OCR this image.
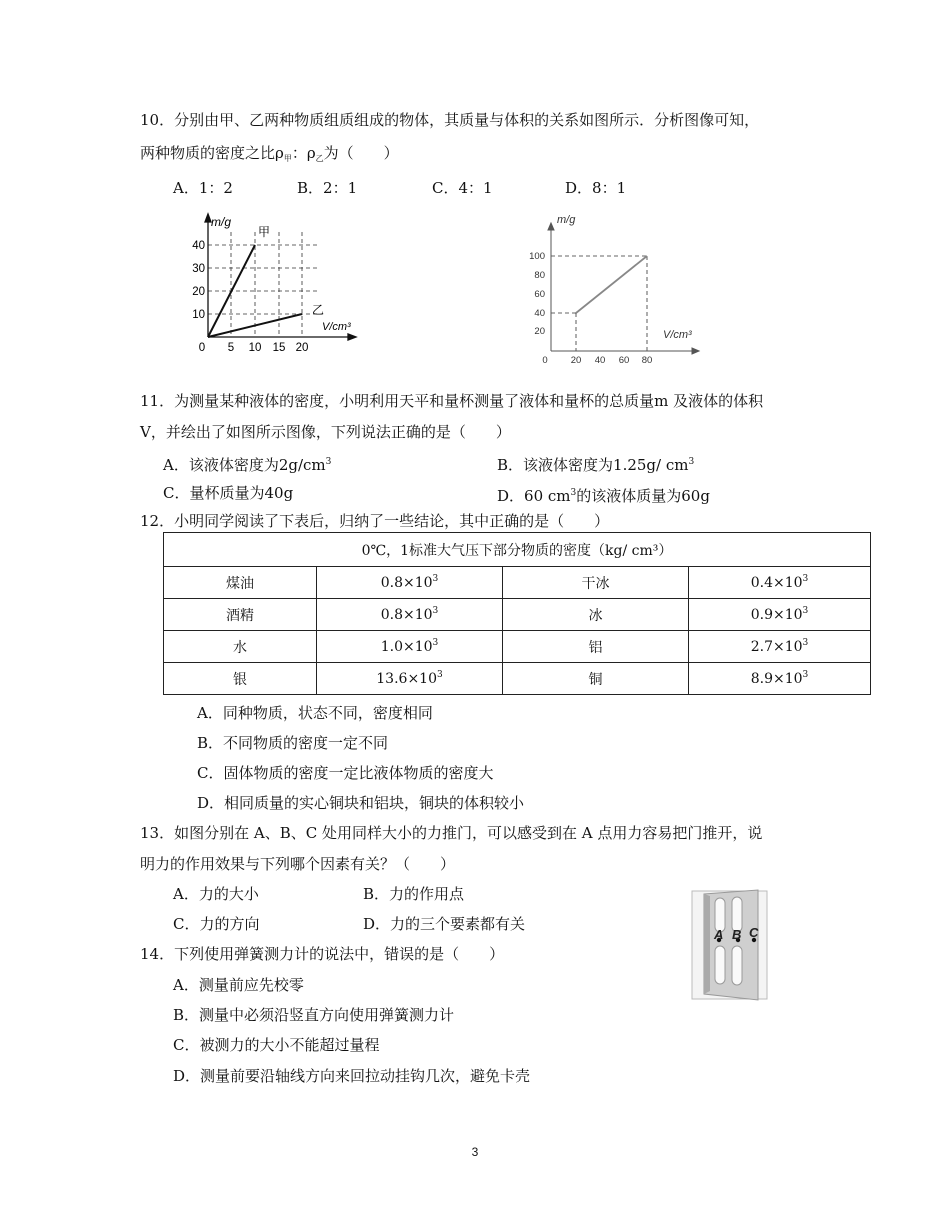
10．分别由甲、乙两种物质组质组成的物体，其质量与体积的关系如图所示．分析图像可知，
两种物质的密度之比$\rho_甲$：$\rho_乙$为（　　）
A．1：2	B．2：1	C．4：1	D．8：1
m/g
甲
乙
V/cm³
40
30
20
10
0 5 10 15 20
m/g
V/cm³
100
80
60
40
20
0 20 40 60 80
11．为测量某种液体的密度，小明利用天平和量杯测量了液体和量杯的总质量m 及液体的体积
V，并绘出了如图所示图像，下列说法正确的是（　　）
A．该液体密度为$2g/cm^3$	B．该液体密度为1.25g/ $cm^3$
C．量杯质量为40g	D．60 $cm^3$的该液体质量为60g
12．小明同学阅读了下表后，归纳了一些结论，其中正确的是（　　）
0℃，1标准大气压下部分物质的密度（kg/ cm³）			
煤油	$0.8\times 10^3$	干冰	$0.4\times 10^3$
酒精	$0.8\times 10^3$	冰	$0.9\times 10^3$
水	$1.0\times 10^3$	铝	$2.7\times 10^3$
银	$13.6\times 10^3$	铜	$8.9\times 10^3$
A．同种物质，状态不同，密度相同
B．不同物质的密度一定不同
C．固体物质的密度一定比液体物质的密度大
D．相同质量的实心铜块和铝块，铜块的体积较小
13．如图分别在 A、B、C 处用同样大小的力推门，可以感受到在 A 点用力容易把门推开，说
明力的作用效果与下列哪个因素有关？（　　）
A．力的大小	B．力的作用点
C．力的方向	D．力的三个要素都有关
A B C
14．下列使用弹簧测力计的说法中，错误的是（　　）
A．测量前应先校零
B．测量中必须沿竖直方向使用弹簧测力计
C．被测力的大小不能超过量程
D．测量前要沿轴线方向来回拉动挂钩几次，避免卡壳
3
